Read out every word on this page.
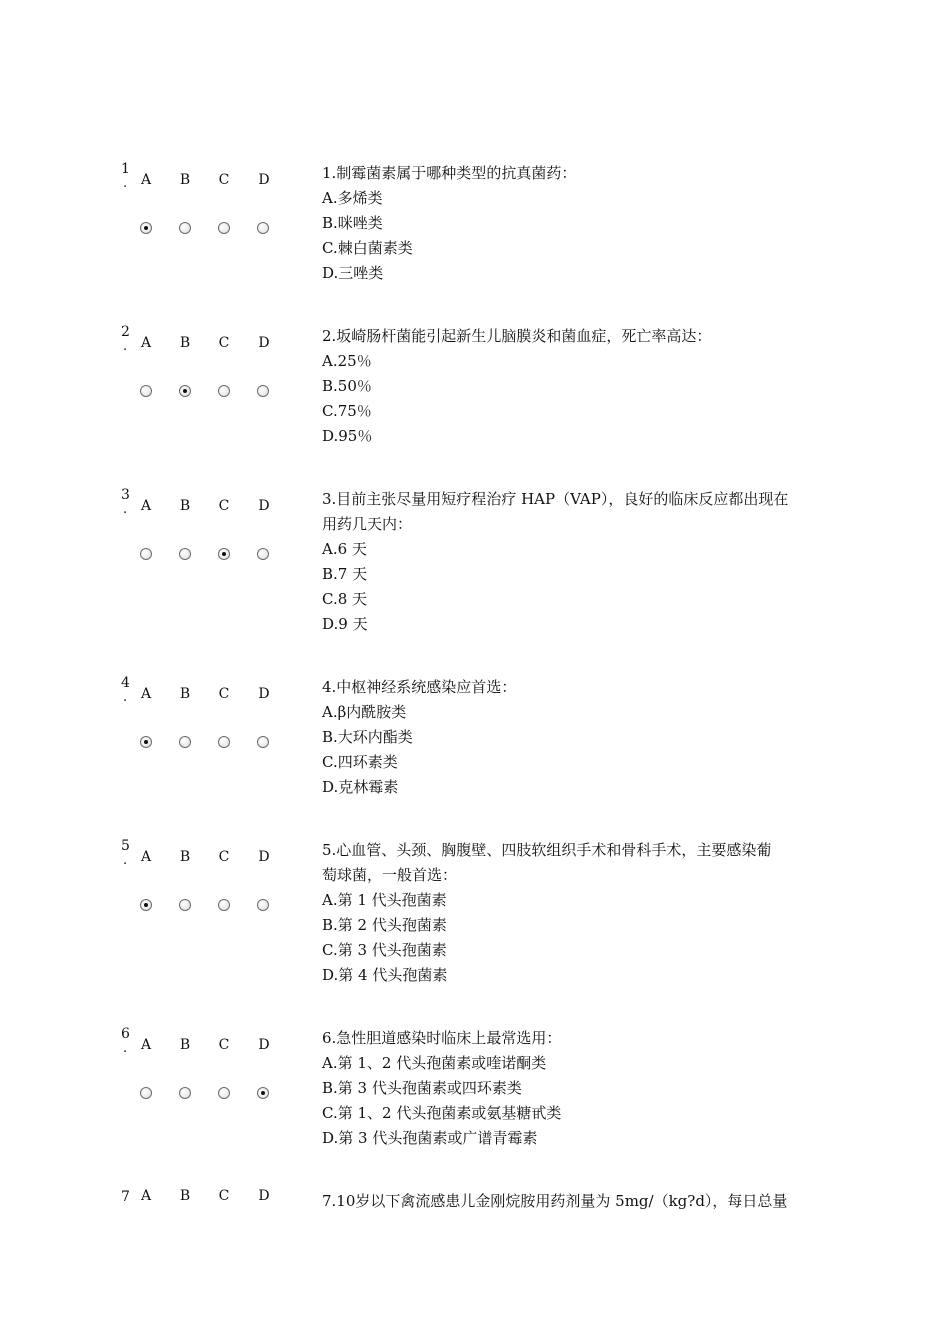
1
. A B C D	1.制霉菌素属于哪种类型的抗真菌药：
A.多烯类
B.咪唑类
C.棘白菌素类
D.三唑类
2
. A B C D	2.坂崎肠杆菌能引起新生儿脑膜炎和菌血症，死亡率高达：
A.25％
B.50％
C.75％
D.95％
3
. A B C D	3.目前主张尽量用短疗程治疗 HAP（VAP），良好的临床反应都出现在
用药几天内：
A.6 天
B.7 天
C.8 天
D.9 天
4
. A B C D	4.中枢神经系统感染应首选：
A.β内酰胺类
B.大环内酯类
C.四环素类
D.克林霉素
5
. A B C D	5.心血管、头颈、胸腹壁、四肢软组织手术和骨科手术，主要感染葡
萄球菌，一般首选：
A.第 1 代头孢菌素
B.第 2 代头孢菌素
C.第 3 代头孢菌素
D.第 4 代头孢菌素
6
. A B C D	6.急性胆道感染时临床上最常选用：
A.第 1、2 代头孢菌素或喹诺酮类
B.第 3 代头孢菌素或四环素类
C.第 1、2 代头孢菌素或氨基糖甙类
D.第 3 代头孢菌素或广谱青霉素
7 A B C D	7.10岁以下禽流感患儿金刚烷胺用药剂量为 5mg/（kg?d），每日总量
